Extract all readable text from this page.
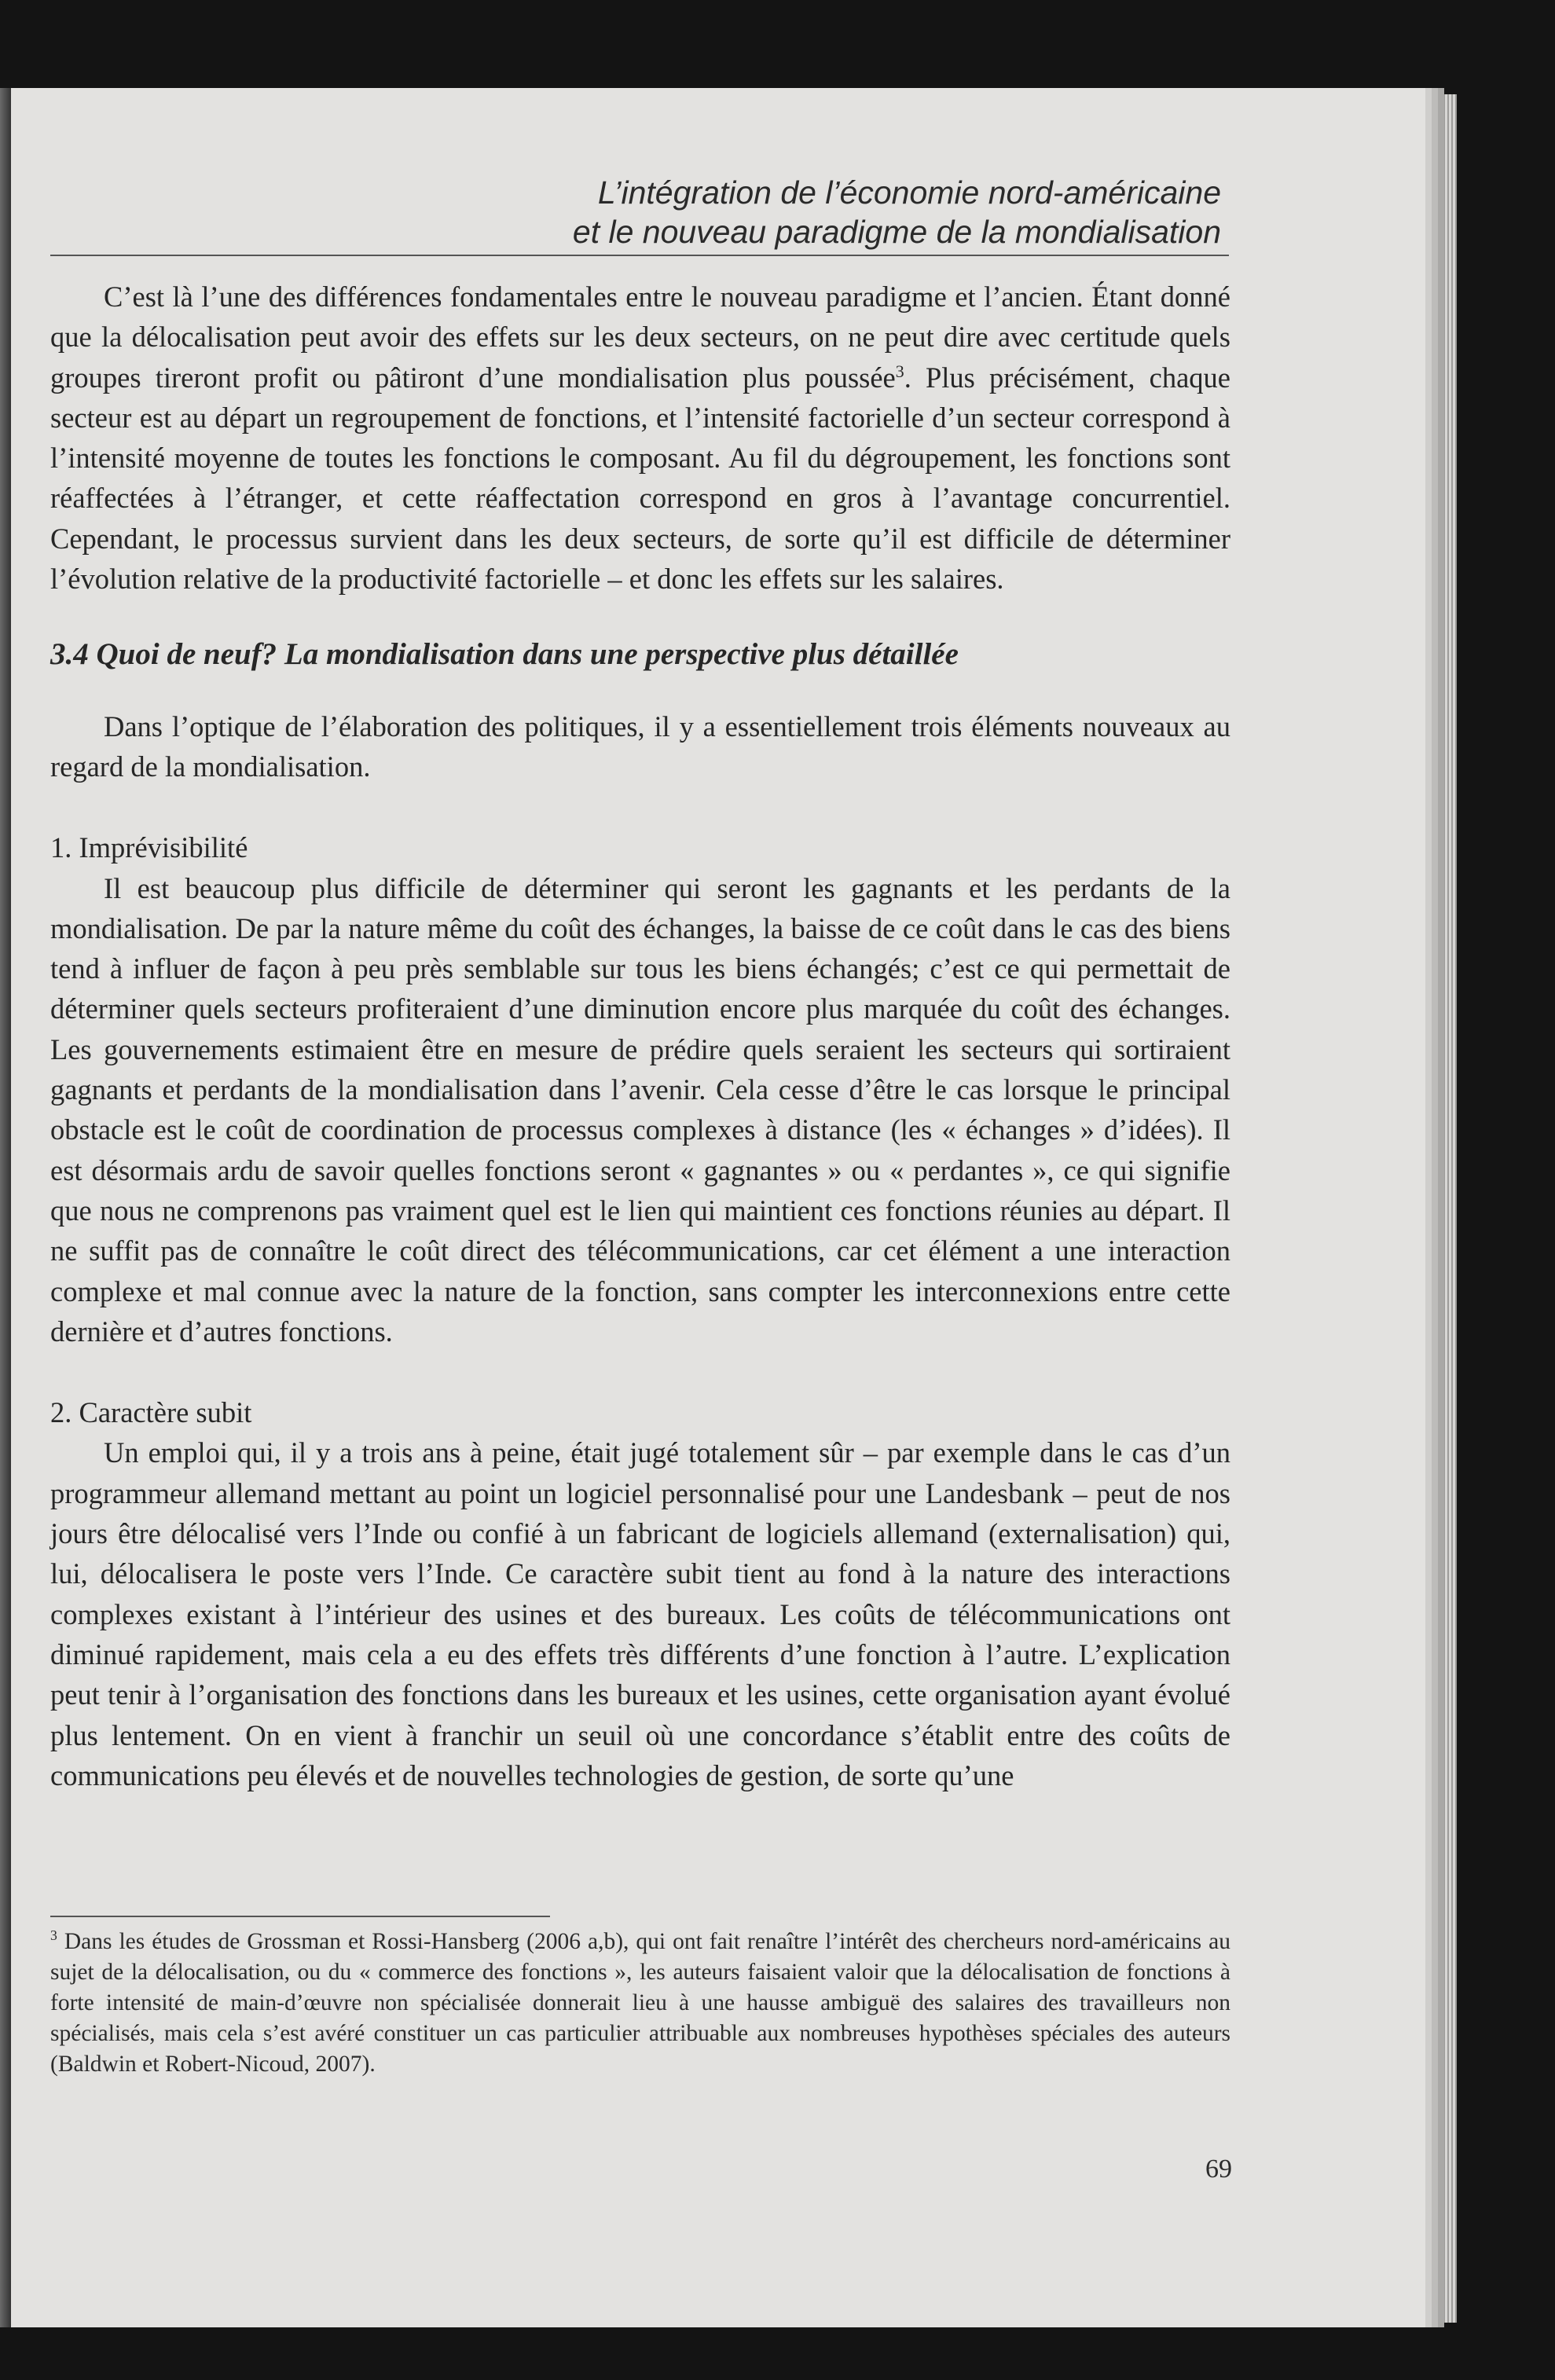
L’intégration de l’économie nord-américaine
et le nouveau paradigme de la mondialisation

C’est là l’une des différences fondamentales entre le nouveau paradigme et l’ancien. Étant donné que la délocalisation peut avoir des effets sur les deux secteurs, on ne peut dire avec certitude quels groupes tireront profit ou pâtiront d’une mondialisation plus poussée$^3$. Plus précisément, chaque secteur est au départ un regroupement de fonctions, et l’intensité factorielle d’un secteur correspond à l’intensité moyenne de toutes les fonctions le composant. Au fil du dégroupement, les fonctions sont réaffectées à l’étranger, et cette réaffectation correspond en gros à l’avantage concurrentiel. Cependant, le processus survient dans les deux secteurs, de sorte qu’il est difficile de déterminer l’évolution relative de la productivité factorielle – et donc les effets sur les salaires.

3.4 Quoi de neuf? La mondialisation dans une perspective plus détaillée

Dans l’optique de l’élaboration des politiques, il y a essentiellement trois éléments nouveaux au regard de la mondialisation.

1. Imprévisibilité

Il est beaucoup plus difficile de déterminer qui seront les gagnants et les perdants de la mondialisation. De par la nature même du coût des échanges, la baisse de ce coût dans le cas des biens tend à influer de façon à peu près semblable sur tous les biens échangés; c’est ce qui permettait de déterminer quels secteurs profiteraient d’une diminution encore plus marquée du coût des échanges. Les gouvernements estimaient être en mesure de prédire quels seraient les secteurs qui sortiraient gagnants et perdants de la mondialisation dans l’avenir. Cela cesse d’être le cas lorsque le principal obstacle est le coût de coordination de processus complexes à distance (les « échanges » d’idées). Il est désormais ardu de savoir quelles fonctions seront « gagnantes » ou « perdantes », ce qui signifie que nous ne comprenons pas vraiment quel est le lien qui maintient ces fonctions réunies au départ. Il ne suffit pas de connaître le coût direct des télécommunications, car cet élément a une interaction complexe et mal connue avec la nature de la fonction, sans compter les interconnexions entre cette dernière et d’autres fonctions.

2. Caractère subit

Un emploi qui, il y a trois ans à peine, était jugé totalement sûr – par exemple dans le cas d’un programmeur allemand mettant au point un logiciel personnalisé pour une Landesbank – peut de nos jours être délocalisé vers l’Inde ou confié à un fabricant de logiciels allemand (externalisation) qui, lui, délocalisera le poste vers l’Inde. Ce caractère subit tient au fond à la nature des interactions complexes existant à l’intérieur des usines et des bureaux. Les coûts de télécommunications ont diminué rapidement, mais cela a eu des effets très différents d’une fonction à l’autre. L’explication peut tenir à l’organisation des fonctions dans les bureaux et les usines, cette organisation ayant évolué plus lentement. On en vient à franchir un seuil où une concordance s’établit entre des coûts de communications peu élevés et de nouvelles technologies de gestion, de sorte qu’une

$^3$ Dans les études de Grossman et Rossi-Hansberg (2006 a,b), qui ont fait renaître l’intérêt des chercheurs nord-américains au sujet de la délocalisation, ou du « commerce des fonctions », les auteurs faisaient valoir que la délocalisation de fonctions à forte intensité de main-d’œuvre non spécialisée donnerait lieu à une hausse ambiguë des salaires des travailleurs non spécialisés, mais cela s’est avéré constituer un cas particulier attribuable aux nombreuses hypothèses spéciales des auteurs (Baldwin et Robert-Nicoud, 2007).
69
